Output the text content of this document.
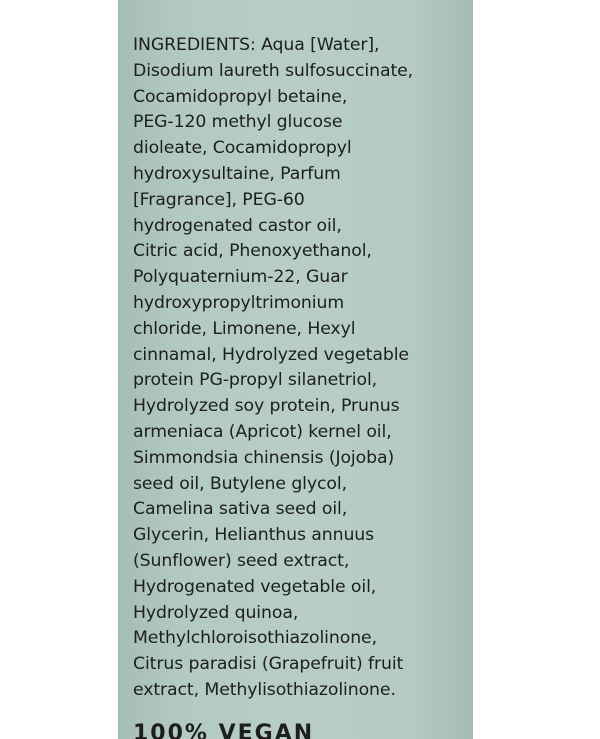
INGREDIENTS: Aqua [Water],
Disodium laureth sulfosuccinate,
Cocamidopropyl betaine,
PEG-120 methyl glucose
dioleate, Cocamidopropyl
hydroxysultaine, Parfum
[Fragrance], PEG-60
hydrogenated castor oil,
Citric acid, Phenoxyethanol,
Polyquaternium-22, Guar
hydroxypropyltrimonium
chloride, Limonene, Hexyl
cinnamal, Hydrolyzed vegetable
protein PG-propyl silanetriol,
Hydrolyzed soy protein, Prunus
armeniaca (Apricot) kernel oil,
Simmondsia chinensis (Jojoba)
seed oil, Butylene glycol,
Camelina sativa seed oil,
Glycerin, Helianthus annuus
(Sunflower) seed extract,
Hydrogenated vegetable oil,
Hydrolyzed quinoa,
Methylchloroisothiazolinone,
Citrus paradisi (Grapefruit) fruit
extract, Methylisothiazolinone.

100% VEGAN
